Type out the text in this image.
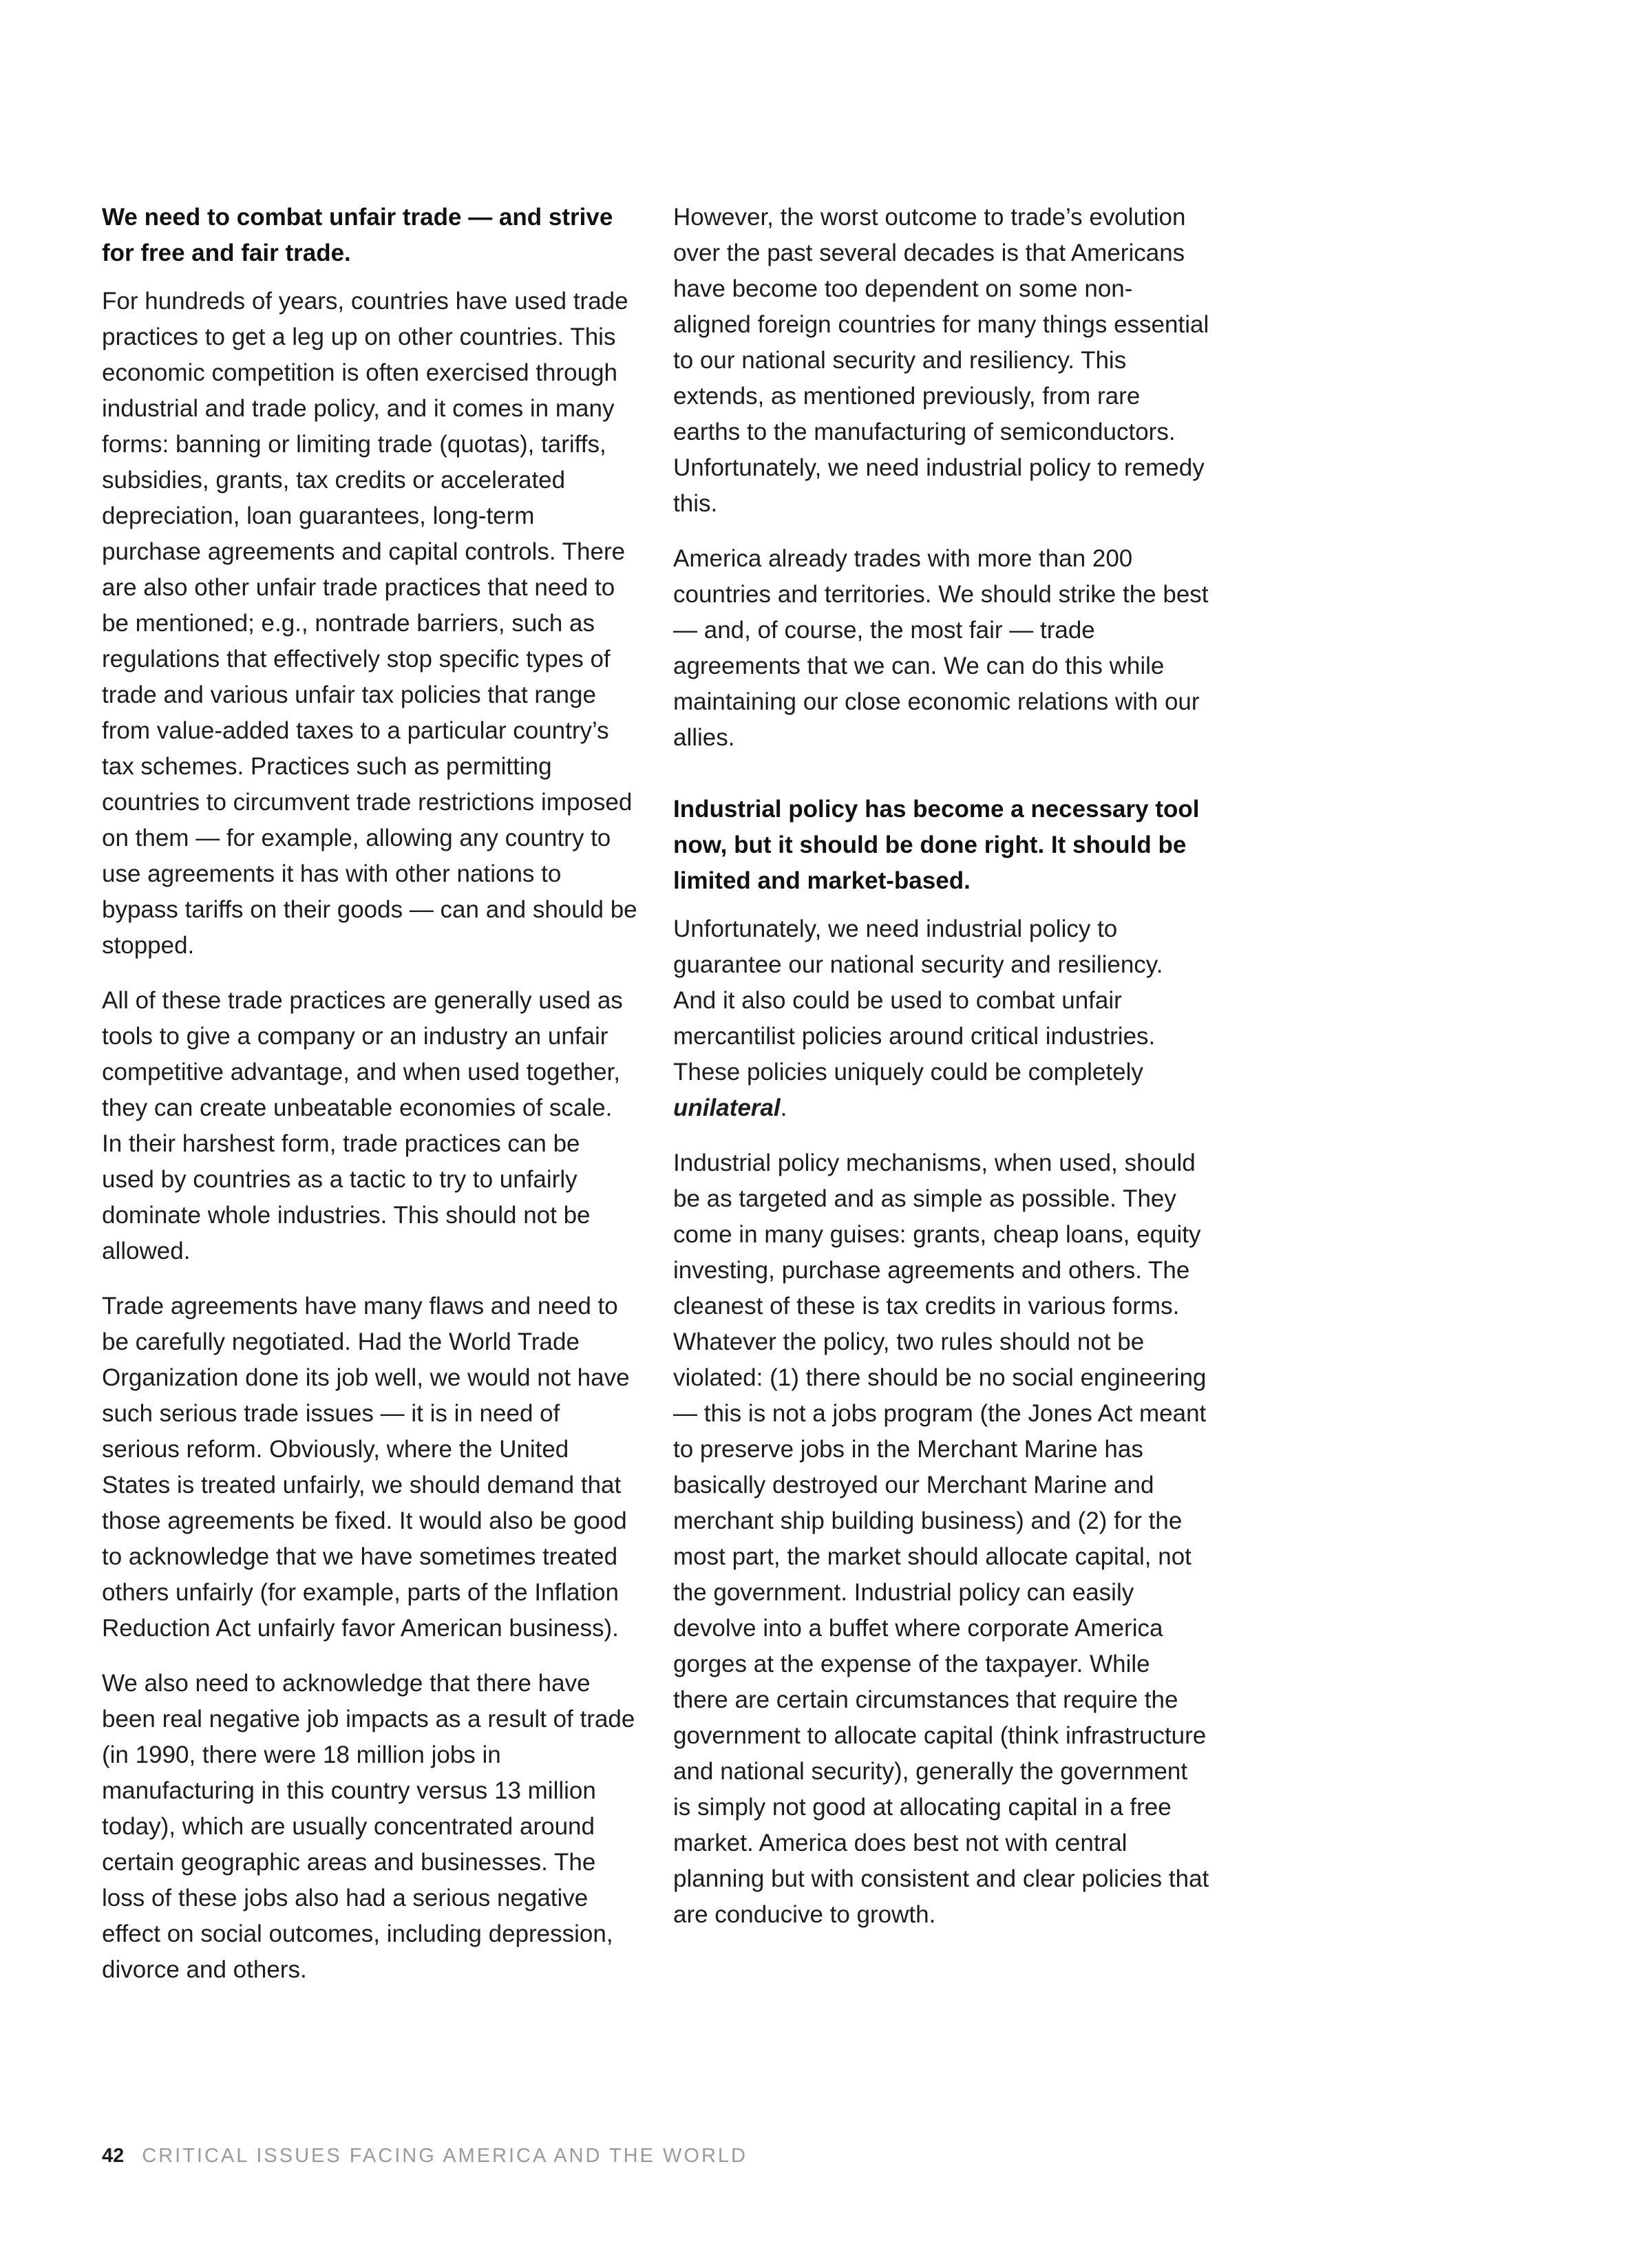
We need to combat unfair trade — and strive for free and fair trade.

For hundreds of years, countries have used trade practices to get a leg up on other countries. This economic competition is often exercised through industrial and trade policy, and it comes in many forms: banning or limiting trade (quotas), tariffs, subsidies, grants, tax credits or accelerated depreciation, loan guarantees, long-term purchase agreements and capital controls. There are also other unfair trade practices that need to be mentioned; e.g., nontrade barriers, such as regulations that effectively stop specific types of trade and various unfair tax policies that range from value-added taxes to a particular country’s tax schemes. Practices such as permitting countries to circumvent trade restrictions imposed on them — for example, allowing any country to use agreements it has with other nations to bypass tariffs on their goods — can and should be stopped.

All of these trade practices are generally used as tools to give a company or an industry an unfair competitive advantage, and when used together, they can create unbeatable economies of scale. In their harshest form, trade practices can be used by countries as a tactic to try to unfairly dominate whole industries. This should not be allowed.

Trade agreements have many flaws and need to be carefully negotiated. Had the World Trade Organization done its job well, we would not have such serious trade issues — it is in need of serious reform. Obviously, where the United States is treated unfairly, we should demand that those agreements be fixed. It would also be good to acknowledge that we have sometimes treated others unfairly (for example, parts of the Inflation Reduction Act unfairly favor American business).

We also need to acknowledge that there have been real negative job impacts as a result of trade (in 1990, there were 18 million jobs in manufacturing in this country versus 13 million today), which are usually concentrated around certain geographic areas and businesses. The loss of these jobs also had a serious negative effect on social outcomes, including depression, divorce and others.

However, the worst outcome to trade’s evolution over the past several decades is that Americans have become too dependent on some non-aligned foreign countries for many things essential to our national security and resiliency. This extends, as mentioned previously, from rare earths to the manufacturing of semiconductors. Unfortunately, we need industrial policy to remedy this.

America already trades with more than 200 countries and territories. We should strike the best — and, of course, the most fair — trade agreements that we can. We can do this while maintaining our close economic relations with our allies.

Industrial policy has become a necessary tool now, but it should be done right. It should be limited and market-based.

Unfortunately, we need industrial policy to guarantee our national security and resiliency. And it also could be used to combat unfair mercantilist policies around critical industries. These policies uniquely could be completely unilateral.

Industrial policy mechanisms, when used, should be as targeted and as simple as possible. They come in many guises: grants, cheap loans, equity investing, purchase agreements and others. The cleanest of these is tax credits in various forms. Whatever the policy, two rules should not be violated: (1) there should be no social engineering — this is not a jobs program (the Jones Act meant to preserve jobs in the Merchant Marine has basically destroyed our Merchant Marine and merchant ship building business) and (2) for the most part, the market should allocate capital, not the government. Industrial policy can easily devolve into a buffet where corporate America gorges at the expense of the taxpayer. While there are certain circumstances that require the government to allocate capital (think infrastructure and national security), generally the government is simply not good at allocating capital in a free market. America does best not with central planning but with consistent and clear policies that are conducive to growth.

42 CRITICAL ISSUES FACING AMERICA AND THE WORLD
